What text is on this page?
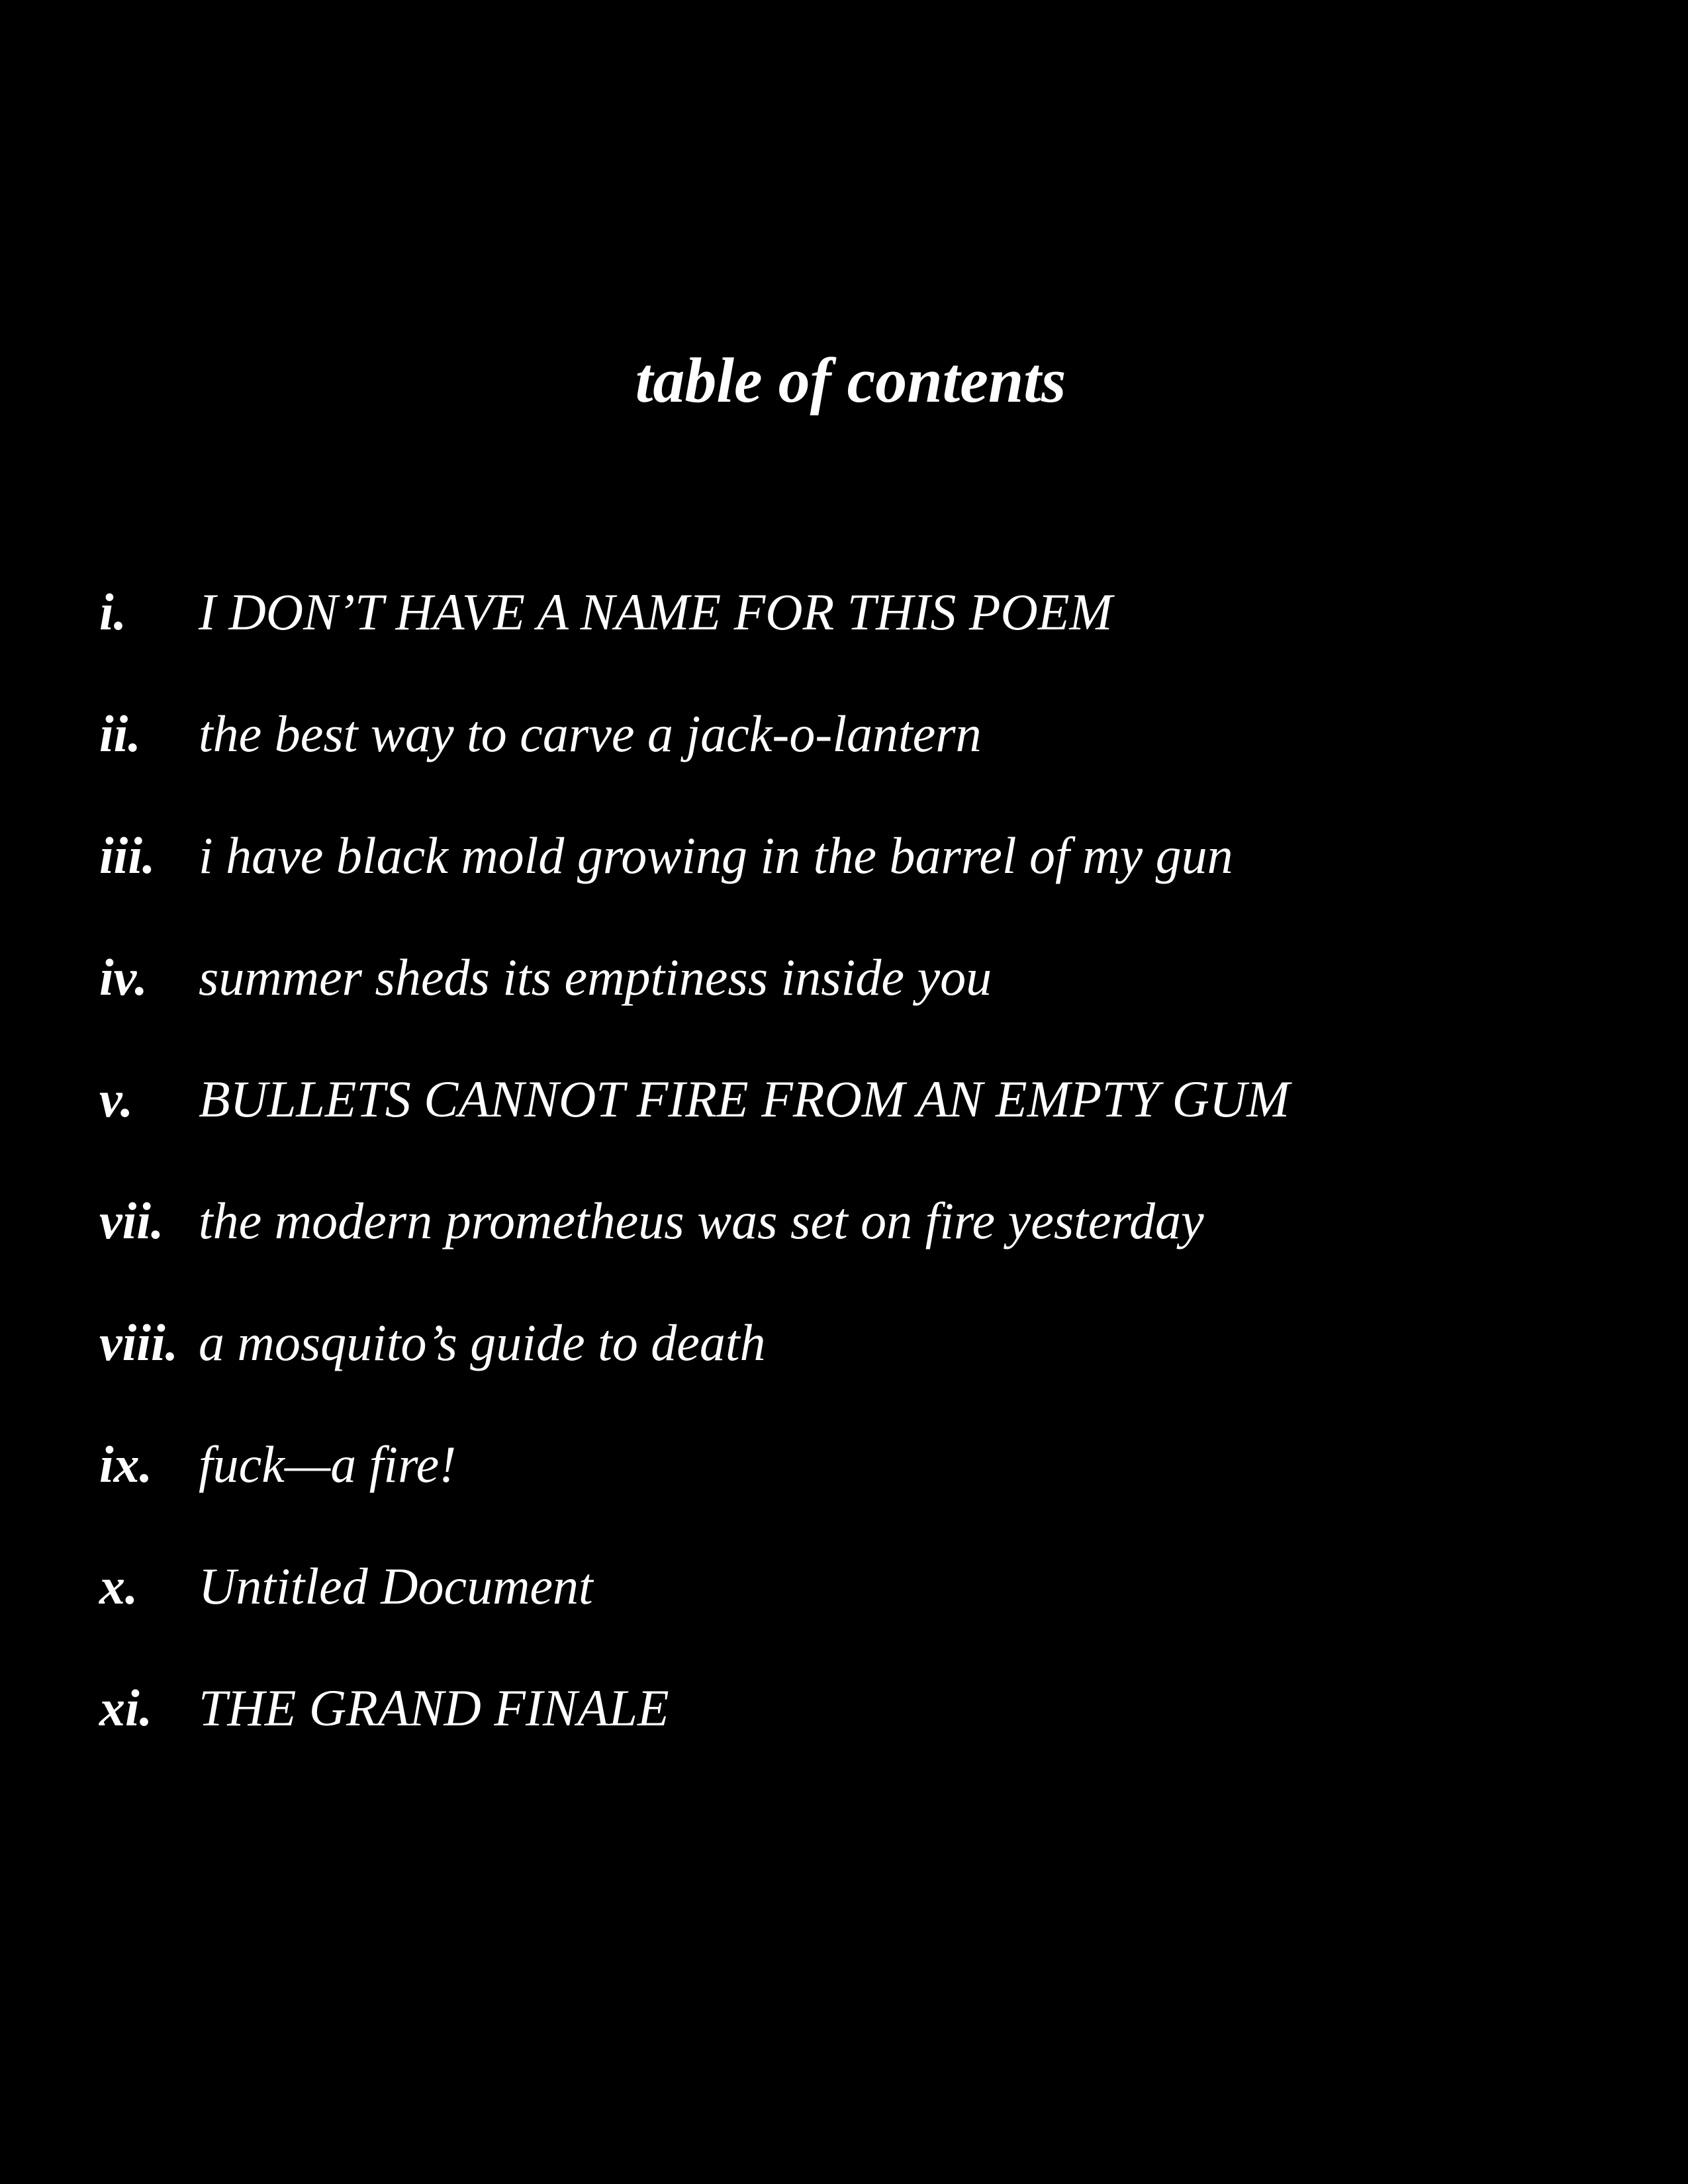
table of contents
i.	I DON’T HAVE A NAME FOR THIS POEM
ii.	the best way to carve a jack-o-lantern
iii. i have black mold growing in the barrel of my gun
iv. summer sheds its emptiness inside you
v.	BULLETS CANNOT FIRE FROM AN EMPTY GUM
vii. the modern prometheus was set on fire yesterday
viii. a mosquito’s guide to death
ix. fuck—a fire!
x.	Untitled Document
xi. THE GRAND FINALE
